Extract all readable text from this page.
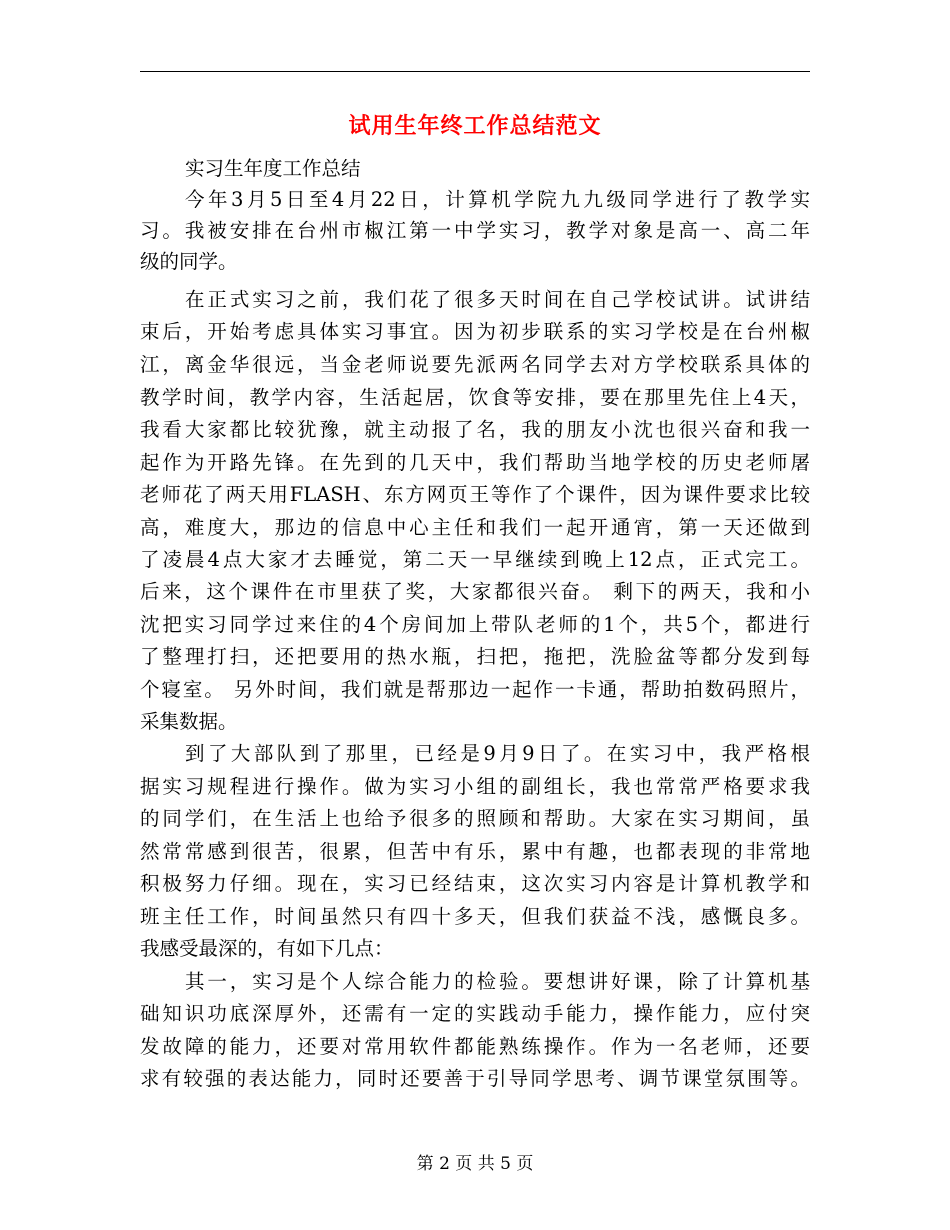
试用生年终工作总结范文
实习生年度工作总结
今年3月5日至4月22日，计算机学院九九级同学进行了教学实
习。我被安排在台州市椒江第一中学实习，教学对象是高一、高二年
级的同学。
在正式实习之前，我们花了很多天时间在自己学校试讲。试讲结
束后，开始考虑具体实习事宜。因为初步联系的实习学校是在台州椒
江，离金华很远，当金老师说要先派两名同学去对方学校联系具体的
教学时间，教学内容，生活起居，饮食等安排，要在那里先住上4天，
我看大家都比较犹豫，就主动报了名，我的朋友小沈也很兴奋和我一
起作为开路先锋。在先到的几天中，我们帮助当地学校的历史老师屠
老师花了两天用FLASH、东方网页王等作了个课件，因为课件要求比较
高，难度大，那边的信息中心主任和我们一起开通宵，第一天还做到
了凌晨4点大家才去睡觉，第二天一早继续到晚上12点，正式完工。
后来，这个课件在市里获了奖，大家都很兴奋。 剩下的两天，我和小
沈把实习同学过来住的4个房间加上带队老师的1个，共5个，都进行
了整理打扫，还把要用的热水瓶，扫把，拖把，洗脸盆等都分发到每
个寝室。 另外时间，我们就是帮那边一起作一卡通，帮助拍数码照片，
采集数据。
到了大部队到了那里，已经是9月9日了。在实习中，我严格根
据实习规程进行操作。做为实习小组的副组长，我也常常严格要求我
的同学们，在生活上也给予很多的照顾和帮助。大家在实习期间，虽
然常常感到很苦，很累，但苦中有乐，累中有趣，也都表现的非常地
积极努力仔细。现在，实习已经结束，这次实习内容是计算机教学和
班主任工作，时间虽然只有四十多天，但我们获益不浅，感慨良多。
我感受最深的，有如下几点：
其一，实习是个人综合能力的检验。要想讲好课，除了计算机基
础知识功底深厚外，还需有一定的实践动手能力，操作能力，应付突
发故障的能力，还要对常用软件都能熟练操作。作为一名老师，还要
求有较强的表达能力，同时还要善于引导同学思考、调节课堂氛围等。
第 2 页 共 5 页
